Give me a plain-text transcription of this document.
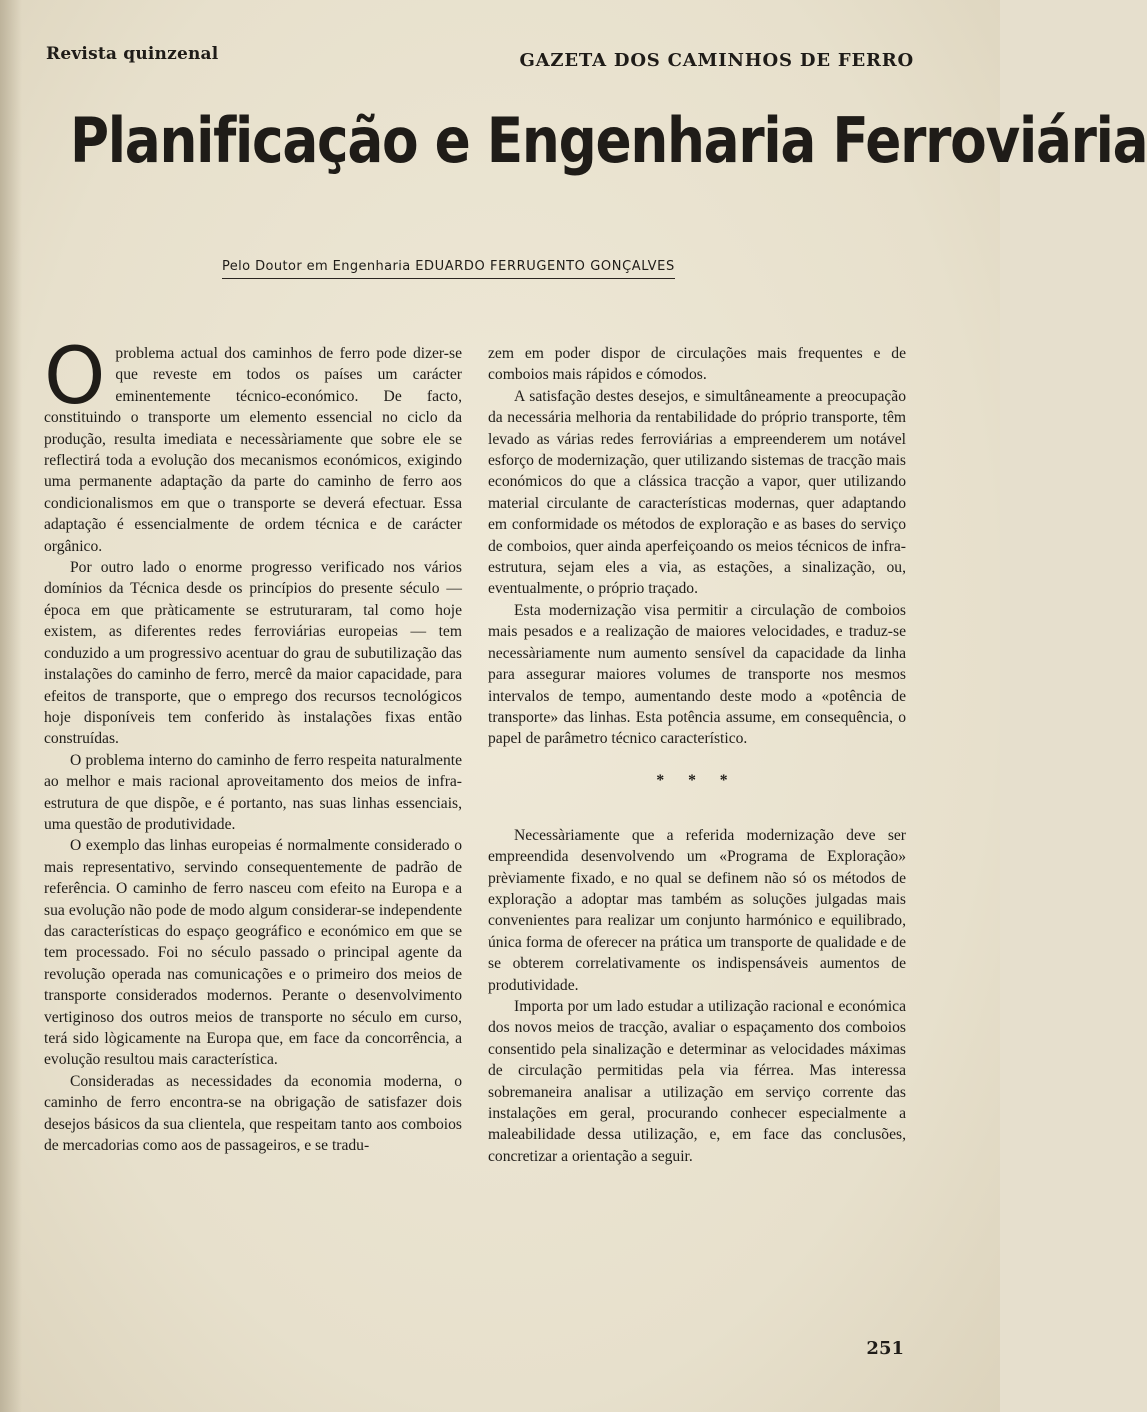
Revista quinzenal	GAZETA DOS CAMINHOS DE FERRO
Planificação e Engenharia Ferroviária
Pelo Doutor em Engenharia EDUARDO FERRUGENTO GONÇALVES

Oproblema actual dos caminhos de ferro pode dizer-se que reveste em todos os países um carácter eminentemente técnico-económico. De facto, constituindo o transporte um elemento essencial no ciclo da produção, resulta imediata e necessàriamente que sobre ele se reflectirá toda a evolução dos mecanismos económicos, exigindo uma permanente adaptação da parte do caminho de ferro aos condicionalismos em que o transporte se deverá efectuar. Essa adaptação é essencialmente de ordem técnica e de carácter orgânico.

Por outro lado o enorme progresso verificado nos vários domínios da Técnica desde os princípios do presente século — época em que pràticamente se estruturaram, tal como hoje existem, as diferentes redes ferroviárias europeias — tem conduzido a um progressivo acentuar do grau de subutilização das instalações do caminho de ferro, mercê da maior capacidade, para efeitos de transporte, que o emprego dos recursos tecnológicos hoje disponíveis tem conferido às instalações fixas então construídas.

O problema interno do caminho de ferro respeita naturalmente ao melhor e mais racional aproveitamento dos meios de infra-estrutura de que dispõe, e é portanto, nas suas linhas essenciais, uma questão de produtividade.

O exemplo das linhas europeias é normalmente considerado o mais representativo, servindo consequentemente de padrão de referência. O caminho de ferro nasceu com efeito na Europa e a sua evolução não pode de modo algum considerar-se independente das características do espaço geográfico e económico em que se tem processado. Foi no século passado o principal agente da revolução operada nas comunicações e o primeiro dos meios de transporte considerados modernos. Perante o desenvolvimento vertiginoso dos outros meios de transporte no século em curso, terá sido lògicamente na Europa que, em face da concorrência, a evolução resultou mais característica.

Consideradas as necessidades da economia moderna, o caminho de ferro encontra-se na obrigação de satisfazer dois desejos básicos da sua clientela, que respeitam tanto aos comboios de mercadorias como aos de passageiros, e se tradu-

zem em poder dispor de circulações mais frequentes e de comboios mais rápidos e cómodos.

A satisfação destes desejos, e simultâneamente a preocupação da necessária melhoria da rentabilidade do próprio transporte, têm levado as várias redes ferroviárias a empreenderem um notável esforço de modernização, quer utilizando sistemas de tracção mais económicos do que a clássica tracção a vapor, quer utilizando material circulante de características modernas, quer adaptando em conformidade os métodos de exploração e as bases do serviço de comboios, quer ainda aperfeiçoando os meios técnicos de infra-estrutura, sejam eles a via, as estações, a sinalização, ou, eventualmente, o próprio traçado.

Esta modernização visa permitir a circulação de comboios mais pesados e a realização de maiores velocidades, e traduz-se necessàriamente num aumento sensível da capacidade da linha para assegurar maiores volumes de transporte nos mesmos intervalos de tempo, aumentando deste modo a «potência de transporte» das linhas. Esta potência assume, em consequência, o papel de parâmetro técnico característico.

* * *

Necessàriamente que a referida modernização deve ser empreendida desenvolvendo um «Programa de Exploração» prèviamente fixado, e no qual se definem não só os métodos de exploração a adoptar mas também as soluções julgadas mais convenientes para realizar um conjunto harmónico e equilibrado, única forma de oferecer na prática um transporte de qualidade e de se obterem correlativamente os indispensáveis aumentos de produtividade.

Importa por um lado estudar a utilização racional e económica dos novos meios de tracção, avaliar o espaçamento dos comboios consentido pela sinalização e determinar as velocidades máximas de circulação permitidas pela via férrea. Mas interessa sobremaneira analisar a utilização em serviço corrente das instalações em geral, procurando conhecer especialmente a maleabilidade dessa utilização, e, em face das conclusões, concretizar a orientação a seguir.

251
